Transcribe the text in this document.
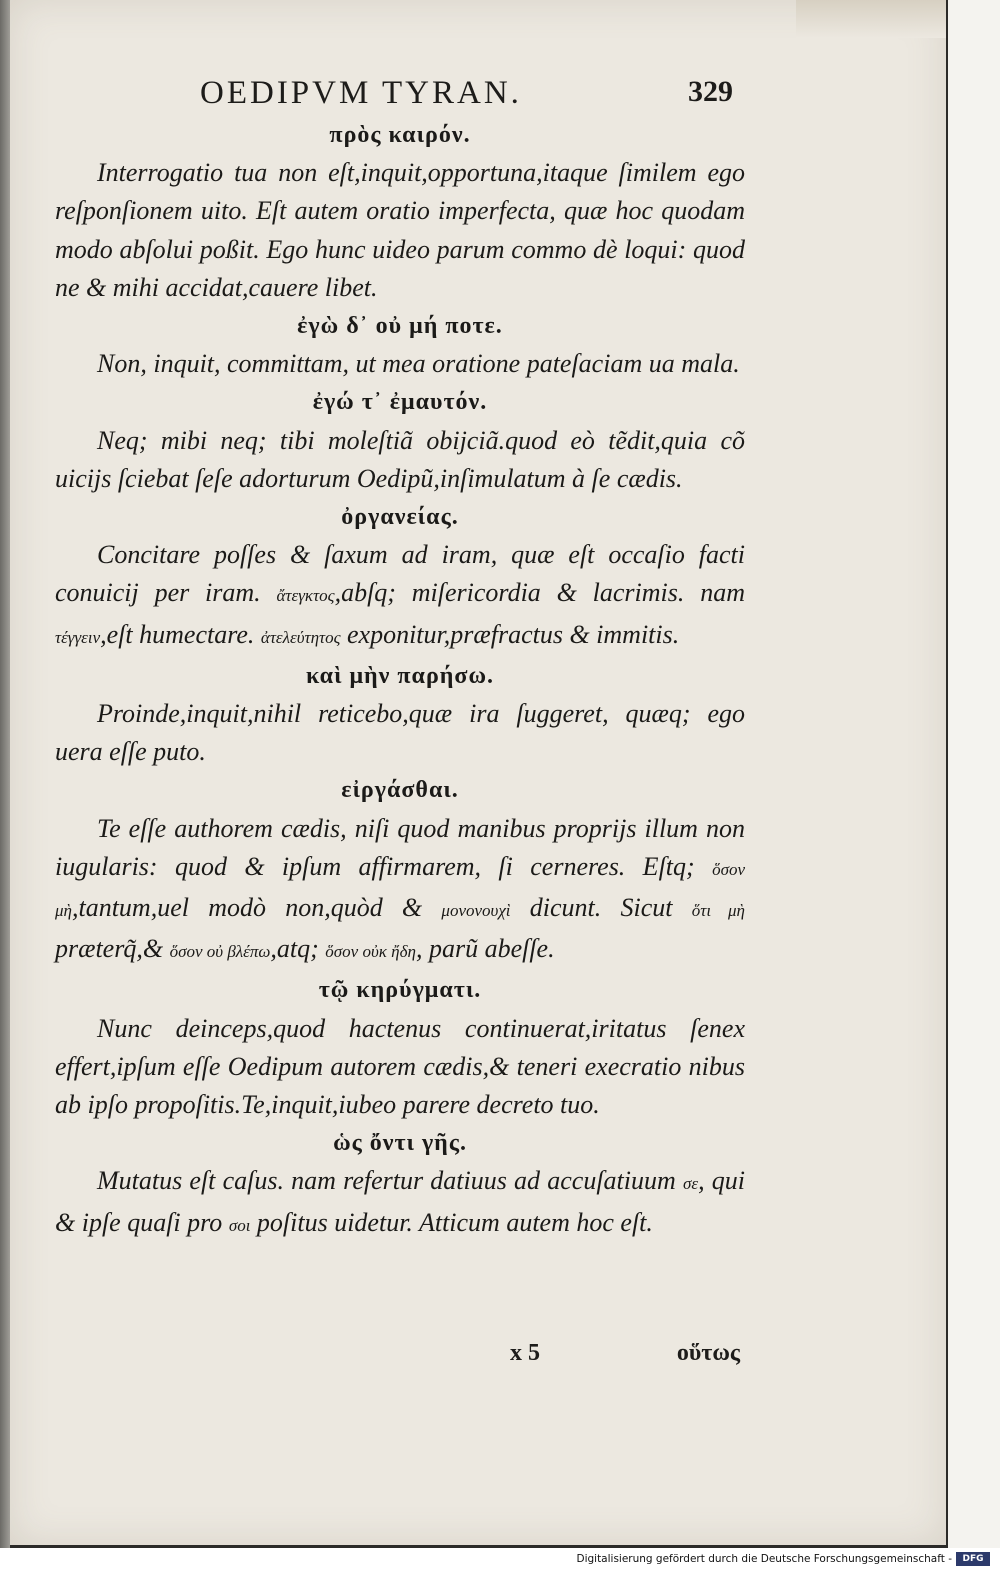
OEDIPVM TYRAN.	329
πρὸς καιρόν.

Interrogatio tua non eſt,inquit,opportuna,itaque ſimilem ego reſponſionem uito. Eſt autem oratio imperfecta, quæ hoc quodam modo abſolui poßit. Ego hunc uideo parum commo dè loqui: quod ne & mihi accidat,cauere libet.

ἐγὼ δ᾽ οὐ μή ποτε.

Non, inquit, committam, ut mea oratione pateſaciam ua mala.

ἐγώ τ᾽ ἐμαυτόν.

Neq; mibi neq; tibi moleſtiã obijciã.quod eò tẽdit,quia cõ uicijs ſciebat ſeſe adorturum Oedipũ,inſimulatum à ſe cædis.

ὀργανείας.

Concitare poſſes & ſaxum ad iram, quæ eſt occaſio facti conuicij per iram. ἄτεγκτος,abſq; miſericordia & lacrimis. nam τέγγειν,eſt humectare. ἀτελεύτητος exponitur,præfractus & immitis.

καὶ μὴν παρήσω.

Proinde,inquit,nihil reticebo,quæ ira ſuggeret, quæq; ego uera eſſe puto.

εἰργάσθαι.

Te eſſe authorem cædis, niſi quod manibus proprijs illum non iugularis: quod & ipſum affirmarem, ſi cerneres. Eſtq; ὅσον μὴ,tantum,uel modò non,quòd & μονονουχὶ dicunt. Sicut ὅτι μὴ præterq̃,& ὅσον οὐ βλέπω,atq; ὅσον οὐκ ἤδη, parũ abeſſe.

τῷ κηρύγματι.

Nunc deinceps,quod hactenus continuerat,iritatus ſenex effert,ipſum eſſe Oedipum autorem cædis,& teneri execratio nibus ab ipſo propoſitis.Te,inquit,iubeo parere decreto tuo.

ὡς ὄντι γῆς.

Mutatus eſt caſus. nam refertur datiuus ad accuſatiuum σε, qui & ipſe quaſi pro σοι poſitus uidetur. Atticum autem hoc eſt.

x 5	οὕτως
Digitalisierung gefördert durch die Deutsche Forschungsgemeinschaft -	DFG
